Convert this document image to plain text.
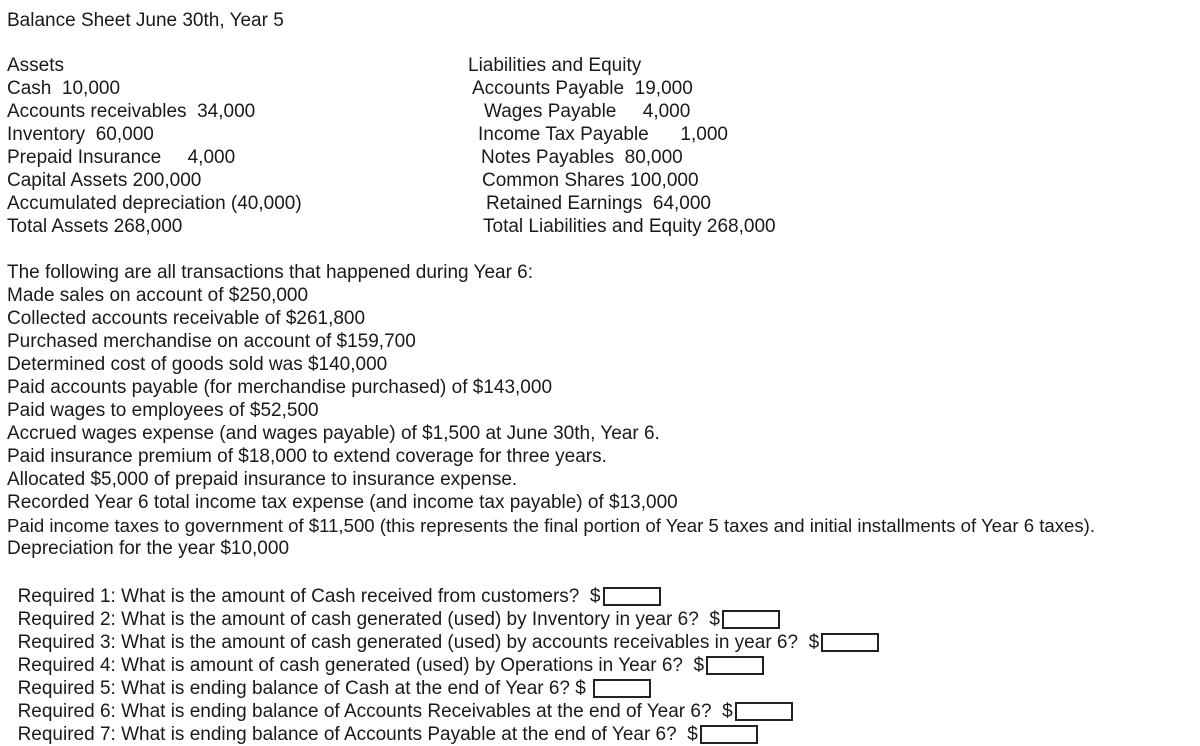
Balance Sheet June 30th, Year 5
Assets
Cash  10,000
Accounts receivables  34,000
Inventory  60,000
Prepaid Insurance     4,000
Capital Assets 200,000
Accumulated depreciation (40,000)
Total Assets 268,000
Liabilities and Equity
Accounts Payable  19,000
Wages Payable     4,000
Income Tax Payable      1,000
Notes Payables  80,000
Common Shares 100,000
Retained Earnings  64,000
Total Liabilities and Equity 268,000
The following are all transactions that happened during Year 6:
Made sales on account of $250,000
Collected accounts receivable of $261,800
Purchased merchandise on account of $159,700
Determined cost of goods sold was $140,000
Paid accounts payable (for merchandise purchased) of $143,000
Paid wages to employees of $52,500
Accrued wages expense (and wages payable) of $1,500 at June 30th, Year 6.
Paid insurance premium of $18,000 to extend coverage for three years.
Allocated $5,000 of prepaid insurance to insurance expense.
Recorded Year 6 total income tax expense (and income tax payable) of $13,000
Paid income taxes to government of $11,500 (this represents the final portion of Year 5 taxes and initial installments of Year 6 taxes).
Depreciation for the year $10,000

Required 1: What is the amount of Cash received from customers?  $

Required 2: What is the amount of cash generated (used) by Inventory in year 6?  $

Required 3: What is the amount of cash generated (used) by accounts receivables in year 6?  $

Required 4: What is amount of cash generated (used) by Operations in Year 6?  $

Required 5: What is ending balance of Cash at the end of Year 6? $

Required 6: What is ending balance of Accounts Receivables at the end of Year 6?  $

Required 7: What is ending balance of Accounts Payable at the end of Year 6?  $
